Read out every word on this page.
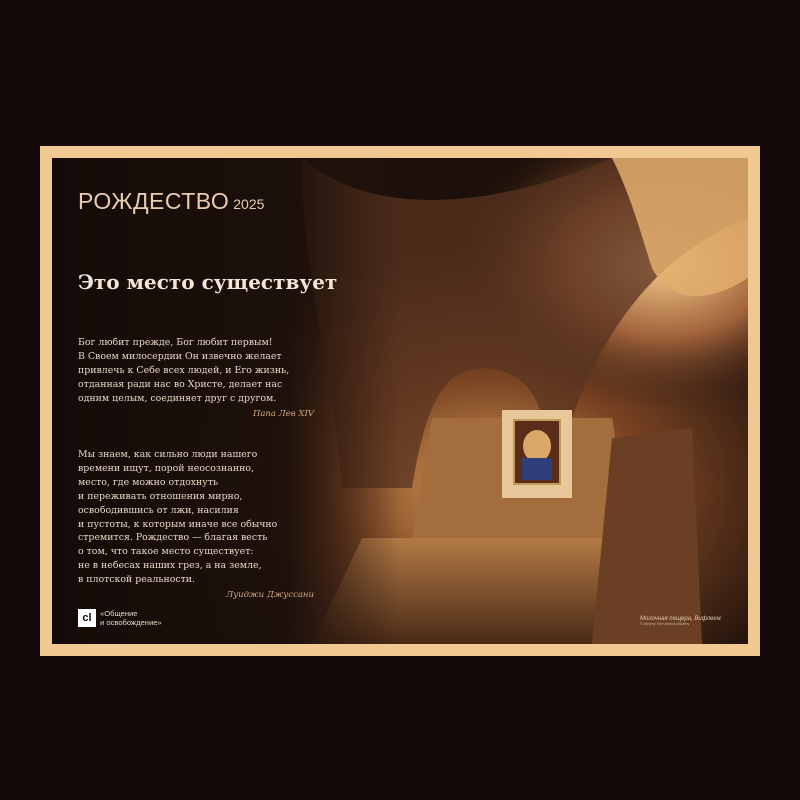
РОЖДЕСТВО 2025
Это место существует
Бог любит прежде, Бог любит первым!
В Своем милосердии Он извечно желает
привлечь к Себе всех людей, и Его жизнь,
отданная ради нас во Христе, делает нас
одним целым, соединяет друг с другом.
Папа Лев XIV
Мы знаем, как сильно люди нашего
времени ищут, порой неосознанно,
место, где можно отдохнуть
и переживать отношения мирно,
освободившись от лжи, насилия
и пустоты, к которым иначе все обычно
стремится. Рождество — благая весть
о том, что такое место существует:
не в небесах наших грез, а на земле,
в плотской реальности.
Луиджи Джуссани
cl	«Общение
и освобождение»	Молочная пещера, Вифлеем
© Andrey Shevchenko/Alamy
